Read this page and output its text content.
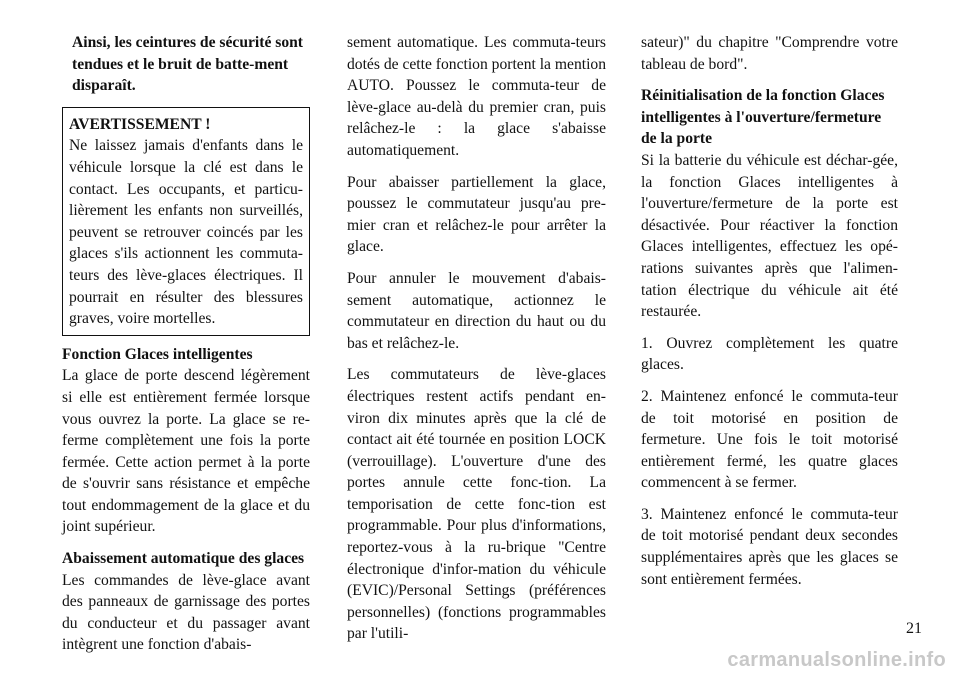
Ainsi, les ceintures de sécurité sont tendues et le bruit de batte-ment disparaît.

AVERTISSEMENT !

Ne laissez jamais d'enfants dans le véhicule lorsque la clé est dans le contact. Les occupants, et particu-lièrement les enfants non surveillés, peuvent se retrouver coincés par les glaces s'ils actionnent les commuta-teurs des lève-glaces électriques. Il pourrait en résulter des blessures graves, voire mortelles.

Fonction Glaces intelligentes

La glace de porte descend légèrement si elle est entièrement fermée lorsque vous ouvrez la porte. La glace se re-ferme complètement une fois la porte fermée. Cette action permet à la porte de s'ouvrir sans résistance et empêche tout endommagement de la glace et du joint supérieur.

Abaissement automatique des glaces

Les commandes de lève-glace avant des panneaux de garnissage des portes du conducteur et du passager avant intègrent une fonction d'abais-

sement automatique. Les commuta-teurs dotés de cette fonction portent la mention AUTO. Poussez le commuta-teur de lève-glace au-delà du premier cran, puis relâchez-le : la glace s'abaisse automatiquement.

Pour abaisser partiellement la glace, poussez le commutateur jusqu'au pre-mier cran et relâchez-le pour arrêter la glace.

Pour annuler le mouvement d'abais-sement automatique, actionnez le commutateur en direction du haut ou du bas et relâchez-le.

Les commutateurs de lève-glaces électriques restent actifs pendant en-viron dix minutes après que la clé de contact ait été tournée en position LOCK (verrouillage). L'ouverture d'une des portes annule cette fonc-tion. La temporisation de cette fonc-tion est programmable. Pour plus d'informations, reportez-vous à la ru-brique "Centre électronique d'infor-mation du véhicule (EVIC)/Personal Settings (préférences personnelles) (fonctions programmables par l'utili-

sateur)" du chapitre "Comprendre votre tableau de bord".

Réinitialisation de la fonction Glaces intelligentes à l'ouverture/fermeture de la porte

Si la batterie du véhicule est déchar-gée, la fonction Glaces intelligentes à l'ouverture/fermeture de la porte est désactivée. Pour réactiver la fonction Glaces intelligentes, effectuez les opé-rations suivantes après que l'alimen-tation électrique du véhicule ait été restaurée.

1. Ouvrez complètement les quatre glaces.

2. Maintenez enfoncé le commuta-teur de toit motorisé en position de fermeture. Une fois le toit motorisé entièrement fermé, les quatre glaces commencent à se fermer.

3. Maintenez enfoncé le commuta-teur de toit motorisé pendant deux secondes supplémentaires après que les glaces se sont entièrement fermées.

21
carmanualsonline.info
